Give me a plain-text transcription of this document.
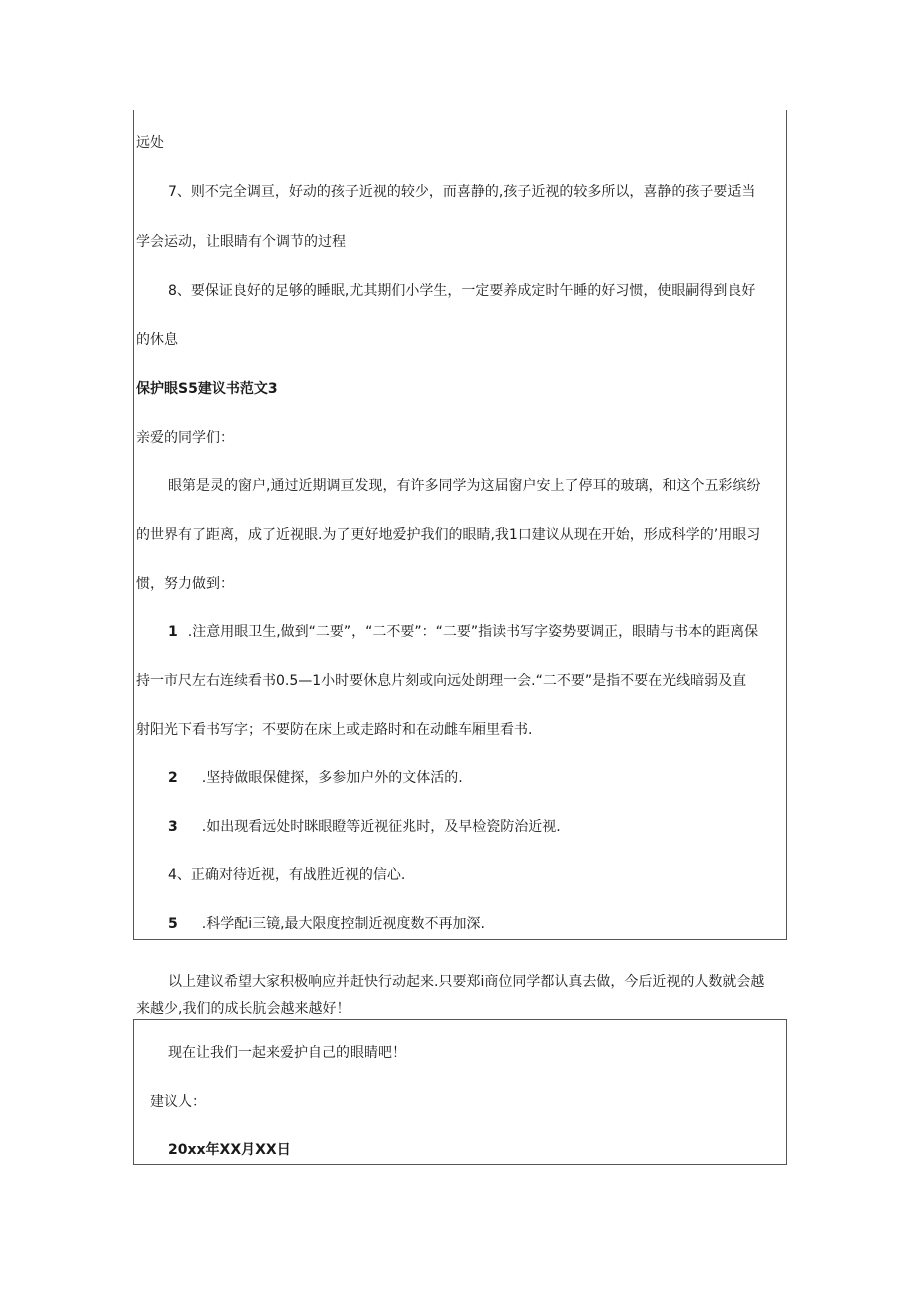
远处
7、则不完全调亘，好动的孩子近视的较少，而喜静的,孩子近视的较多所以，喜静的孩子要适当
学会运动，让眼睛有个调节的过程
8、要保证良好的足够的睡眠,尤其期们小学生，一定要养成定时午睡的好习惯，使眼嗣得到良好
的休息
保护眼S5建议书范文3
亲爱的同学们：
眼第是灵的窗户,通过近期调亘发现，有许多同学为这届窗户安上了停耳的玻璃，和这个五彩缤纷
的世界有了距离，成了近视眼.为了更好地爱护我们的眼睛,我1口建议从现在开始，形成科学的’用眼习
惯，努力做到：
1 .注意用眼卫生,做到“二要”，“二不要”：“二要”指读书写字姿势要调正，眼睛与书本的距离保
持一市尺左右连续看书0.5—1小时要休息片刻或向远处朗理一会.“二不要”是指不要在光线暗弱及直
射阳光下看书写字；不要防在床上或走路时和在动雌车厢里看书.
2 .坚持做眼保健探，多参加户外的文体活的.
3 .如出现看远处时眯眼瞪等近视征兆时，及早检瓷防治近视.
4、正确对待近视，有战胜近视的信心.
5 .科学配i三镜,最大限度控制近视度数不再加深.
以上建议希望大家积极响应并赶快行动起来.只要郑i商位同学都认真去做，今后近视的人数就会越
来越少,我们的成长肮会越来越好！
现在让我们一起来爱护自己的眼睛吧！
建议人：
20xx年XX月XX日
